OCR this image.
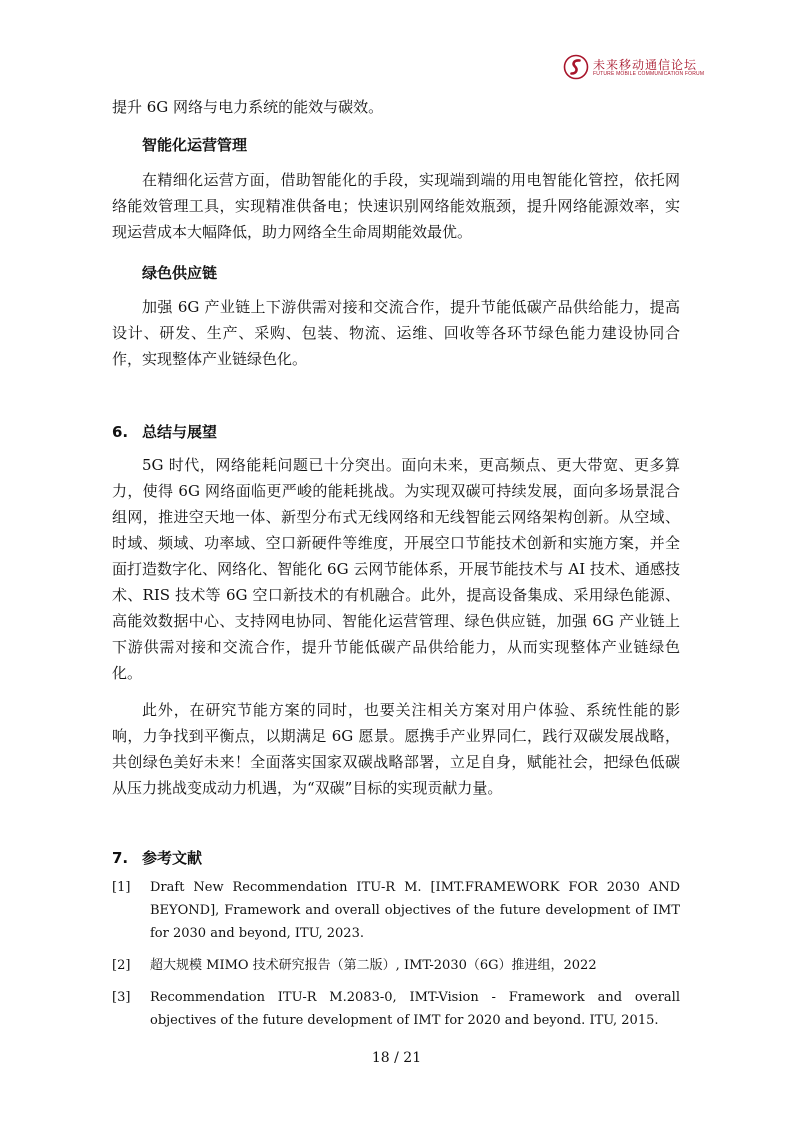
未来移动通信论坛
FUTURE MOBILE COMMUNICATION FORUM
提升 6G 网络与电力系统的能效与碳效。
智能化运营管理

在精细化运营方面，借助智能化的手段，实现端到端的用电智能化管控，依托网络能效管理工具，实现精准供备电；快速识别网络能效瓶颈，提升网络能源效率，实现运营成本大幅降低，助力网络全生命周期能效最优。

绿色供应链

加强 6G 产业链上下游供需对接和交流合作，提升节能低碳产品供给能力，提高设计、研发、生产、采购、包装、物流、运维、回收等各环节绿色能力建设协同合作，实现整体产业链绿色化。

6. 总结与展望

5G 时代，网络能耗问题已十分突出。面向未来，更高频点、更大带宽、更多算力，使得 6G 网络面临更严峻的能耗挑战。为实现双碳可持续发展，面向多场景混合组网，推进空天地一体、新型分布式无线网络和无线智能云网络架构创新。从空域、时域、频域、功率域、空口新硬件等维度，开展空口节能技术创新和实施方案，并全面打造数字化、网络化、智能化 6G 云网节能体系，开展节能技术与 AI 技术、通感技术、RIS 技术等 6G 空口新技术的有机融合。此外，提高设备集成、采用绿色能源、高能效数据中心、支持网电协同、智能化运营管理、绿色供应链，加强 6G 产业链上下游供需对接和交流合作，提升节能低碳产品供给能力，从而实现整体产业链绿色化。

此外，在研究节能方案的同时，也要关注相关方案对用户体验、系统性能的影响，力争找到平衡点，以期满足 6G 愿景。愿携手产业界同仁，践行双碳发展战略，共创绿色美好未来！全面落实国家双碳战略部署，立足自身，赋能社会，把绿色低碳从压力挑战变成动力机遇，为“双碳”目标的实现贡献力量。

7. 参考文献
[1] Draft New Recommendation ITU-R M. [IMT.FRAMEWORK FOR 2030 AND BEYOND], Framework and overall objectives of the future development of IMT for 2030 and beyond, ITU, 2023.
[2] 超大规模 MIMO 技术研究报告（第二版）, IMT-2030（6G）推进组，2022
[3] Recommendation ITU-R M.2083-0, IMT-Vision - Framework and overall objectives of the future development of IMT for 2020 and beyond. ITU, 2015.
18 / 21
